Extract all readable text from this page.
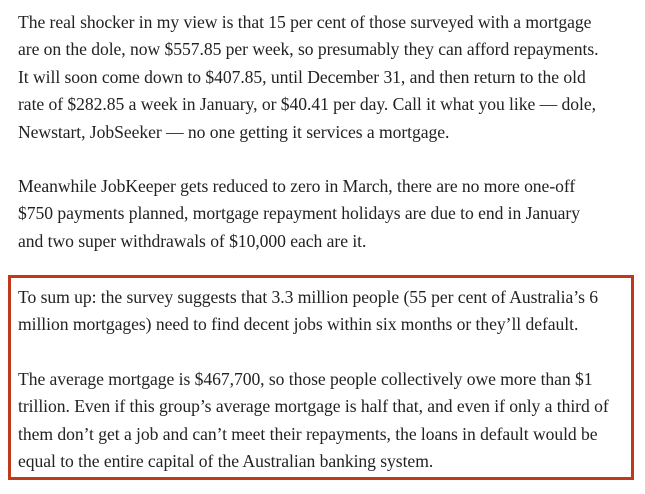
The real shocker in my view is that 15 per cent of those surveyed with a mortgage
are on the dole, now $557.85 per week, so presumably they can afford repayments.
It will soon come down to $407.85, until December 31, and then return to the old
rate of $282.85 a week in January, or $40.41 per day. Call it what you like — dole,
Newstart, JobSeeker — no one getting it services a mortgage.

Meanwhile JobKeeper gets reduced to zero in March, there are no more one-off
$750 payments planned, mortgage repayment holidays are due to end in January
and two super withdrawals of $10,000 each are it.

To sum up: the survey suggests that 3.3 million people (55 per cent of Australia’s 6
million mortgages) need to find decent jobs within six months or they’ll default.

The average mortgage is $467,700, so those people collectively owe more than $1
trillion. Even if this group’s average mortgage is half that, and even if only a third of
them don’t get a job and can’t meet their repayments, the loans in default would be
equal to the entire capital of the Australian banking system.
